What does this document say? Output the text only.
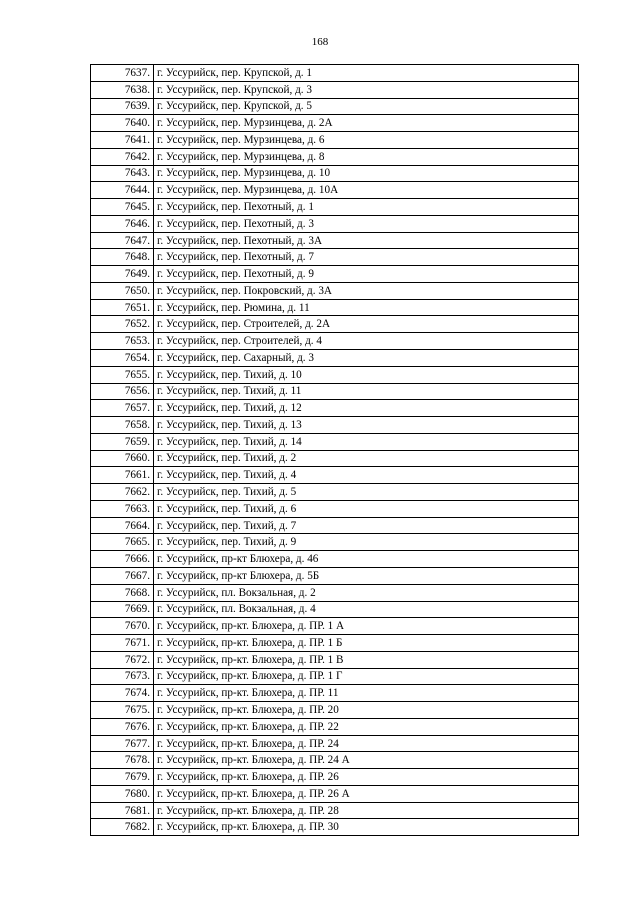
168
7637.	г. Уссурийск, пер. Крупской, д. 1
7638.	г. Уссурийск, пер. Крупской, д. 3
7639.	г. Уссурийск, пер. Крупской, д. 5
7640.	г. Уссурийск, пер. Мурзинцева, д. 2А
7641.	г. Уссурийск, пер. Мурзинцева, д. 6
7642.	г. Уссурийск, пер. Мурзинцева, д. 8
7643.	г. Уссурийск, пер. Мурзинцева, д. 10
7644.	г. Уссурийск, пер. Мурзинцева, д. 10А
7645.	г. Уссурийск, пер. Пехотный, д. 1
7646.	г. Уссурийск, пер. Пехотный, д. 3
7647.	г. Уссурийск, пер. Пехотный, д. 3А
7648.	г. Уссурийск, пер. Пехотный, д. 7
7649.	г. Уссурийск, пер. Пехотный, д. 9
7650.	г. Уссурийск, пер. Покровский, д. 3А
7651.	г. Уссурийск, пер. Рюмина, д. 11
7652.	г. Уссурийск, пер. Строителей, д. 2А
7653.	г. Уссурийск, пер. Строителей, д. 4
7654.	г. Уссурийск, пер. Сахарный, д. 3
7655.	г. Уссурийск, пер. Тихий, д. 10
7656.	г. Уссурийск, пер. Тихий, д. 11
7657.	г. Уссурийск, пер. Тихий, д. 12
7658.	г. Уссурийск, пер. Тихий, д. 13
7659.	г. Уссурийск, пер. Тихий, д. 14
7660.	г. Уссурийск, пер. Тихий, д. 2
7661.	г. Уссурийск, пер. Тихий, д. 4
7662.	г. Уссурийск, пер. Тихий, д. 5
7663.	г. Уссурийск, пер. Тихий, д. 6
7664.	г. Уссурийск, пер. Тихий, д. 7
7665.	г. Уссурийск, пер. Тихий, д. 9
7666.	г. Уссурийск, пр-кт Блюхера, д. 46
7667.	г. Уссурийск, пр-кт Блюхера, д. 5Б
7668.	г. Уссурийск, пл. Вокзальная, д. 2
7669.	г. Уссурийск, пл. Вокзальная, д. 4
7670.	г. Уссурийск, пр-кт. Блюхера, д. ПР. 1 А
7671.	г. Уссурийск, пр-кт. Блюхера, д. ПР. 1 Б
7672.	г. Уссурийск, пр-кт. Блюхера, д. ПР. 1 В
7673.	г. Уссурийск, пр-кт. Блюхера, д. ПР. 1 Г
7674.	г. Уссурийск, пр-кт. Блюхера, д. ПР. 11
7675.	г. Уссурийск, пр-кт. Блюхера, д. ПР. 20
7676.	г. Уссурийск, пр-кт. Блюхера, д. ПР. 22
7677.	г. Уссурийск, пр-кт. Блюхера, д. ПР. 24
7678.	г. Уссурийск, пр-кт. Блюхера, д. ПР. 24 А
7679.	г. Уссурийск, пр-кт. Блюхера, д. ПР. 26
7680.	г. Уссурийск, пр-кт. Блюхера, д. ПР. 26 А
7681.	г. Уссурийск, пр-кт. Блюхера, д. ПР. 28
7682.	г. Уссурийск, пр-кт. Блюхера, д. ПР. 30
